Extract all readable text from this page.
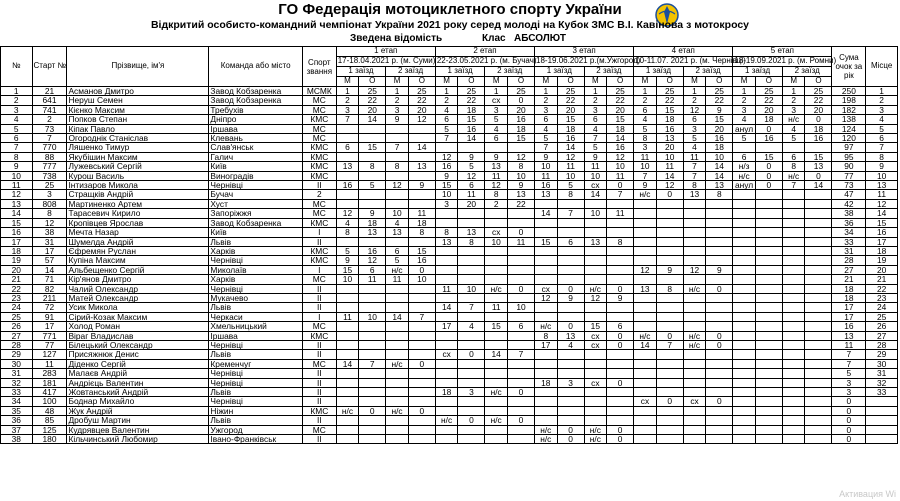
ГО Федерація мотоциклетного спорту України
Відкритий особисто-командний чемпіонат України 2021 року серед молоді на Кубок ЗМС В.І. Кавінова з мотокросу
Зведена відомість	Клас АБСОЛЮТ
№	Старт №	Прізвище, ім'я	Команда або місто	Спорт звання	1 етап				2 етап				3 етап				4 етап				5 етап				Сума очок за рік	Місце
					17-18.04.2021 р. (м. Суми)				22-23.05.2021 р. (м. Бучач)				18-19.06.2021 р.(м.Ужгород)				10-11.07. 2021 р. (м. Чернівці)				18-19.09.2021 р. (м. Ромни)					
					1 заїзд		2 заїзд		1 заїзд		2 заїзд		1 заїзд		2 заїзд		1 заїзд		2 заїзд		1 заїзд		2 заїзд			
					М	О	М	О	М	О	М	О	М	О	М	О	М	О	М	О	М	О	М	О		
1	21	Асманов Дмитро	Завод Кобзаренка	МСМК	1	25	1	25	1	25	1	25	1	25	1	25	1	25	1	25	1	25	1	25	250	1
2	641	Неруш Семен	Завод Кобзаренка	МС	2	22	2	22	2	22	сх	0	2	22	2	22	2	22	2	22	2	22	2	22	198	2
3	741	Кієнко Максим	Требухів	МС	3	20	3	20	4	18	3	20	3	20	3	20	6	15	12	9	3	20	3	20	182	3
4	2	Попков Степан	Дніпро	КМС	7	14	9	12	6	15	5	16	6	15	6	15	4	18	6	15	4	18	н/с	0	138	4
5	73	Кіпак Павло	Іршава	МС					5	16	4	18	4	18	4	18	5	16	3	20	анул	0	4	18	124	5
6	7	Огороднік Станіслав	Клевань	МС					7	14	6	15	5	16	7	14	8	13	5	16	5	16	5	16	120	6
7	770	Ляшенко Тимур	Слав'янськ	КМС	6	15	7	14					7	14	5	16	3	20	4	18					97	7
8	88	Якубішин Максим	Галич	КМС					12	9	9	12	9	12	9	12	11	10	11	10	6	15	6	15	95	8
9	777	Лужевський Сергій	Київ	КМС	13	8	8	13	16	5	13	8	10	11	11	10	10	11	7	14	н/з	0	8	13	90	9
10	738	Курош Василь	Виноградів	КМС					9	12	11	10	11	10	10	11	7	14	7	14	н/с	0	н/с	0	77	10
11	25	Інтизаров Микола	Чернівці	ІІ	16	5	12	9	15	6	12	9	16	5	сх	0	9	12	8	13	анул	0	7	14	73	13
12	3	Стращків Андрій	Бучач	2					10	11	8	13	13	8	14	7	н/с	0	13	8					47	11
13	808	Мартиненко Артем	Хуст	МС					3	20	2	22													42	12
14	8	Тарасевич Кирило	Запоріжжя	МС	12	9	10	11					14	7	10	11									38	14
15	12	Кропівцев Ярослав	Завод Кобзаренка	КМС	4	18	4	18																	36	15
16	38	Мечта Назар	Київ	І	8	13	13	8	8	13	сх	0													34	16
17	31	Шумелда Андрій	Львів	ІІ					13	8	10	11	15	6	13	8									33	17
18	17	Єфремян Руслан	Харків	КМС	5	16	6	15																	31	18
19	57	Купіна Максим	Чернівці	КМС	9	12	5	16																	28	19
20	14	Альбещенко Сергій	Миколаїв	І	15	6	н/с	0									12	9	12	9					27	20
21	71	Кір'янов Дмитро	Харків	МС	10	11	11	10																	21	21
22	82	Чалий Олександр	Чернівці	ІІ					11	10	н/с	0	сх	0	н/с	0	13	8	н/с	0					18	22
23	211	Матей Олександр	Мукачево	ІІ									12	9	12	9									18	23
24	72	Усик Микола	Львів	ІІ					14	7	11	10													17	24
25	91	Сірий-Козак Максим	Черкаси	І	11	10	14	7																	17	25
26	17	Холод Роман	Хмельницький	МС					17	4	15	6	н/с	0	15	6									16	26
27	771	Віраг Владислав	Іршава	КМС									8	13	сх	0	н/с	0	н/с	0					13	27
28	77	Білецький Олександр	Чернівці	ІІ									17	4	сх	0	14	7	н/с	0					11	28
29	127	Присяжнюк Денис	Львів	ІІ					сх	0	14	7													7	29
30	11	Діденко Сергій	Кременчуг	МС	14	7	н/с	0																	7	30
31	283	Малаєв Андрій	Чернівці	ІІ																					5	31
32	181	Андрієць Валентин	Чернівці	ІІ									18	3	сх	0									3	32
33	417	Жовтанський Андрій	Львів	ІІ					18	3	н/с	0													3	33
34	100	Боднар Михайло	Чернівці	ІІ													сх	0	сх	0					0	
35	48	Жук Андрій	Ніжин	КМС	н/с	0	н/с	0																	0	
36	85	Дробуш Мартин	Львів	ІІ					н/с	0	н/с	0													0	
37	125	Кудрявцев Валентин	Ужгород	МС									н/с	0	н/с	0									0	
38	180	Кільчинський Любомир	Івано-Франківськ	ІІ									н/с	0	н/с	0									0	
Активация Wi
